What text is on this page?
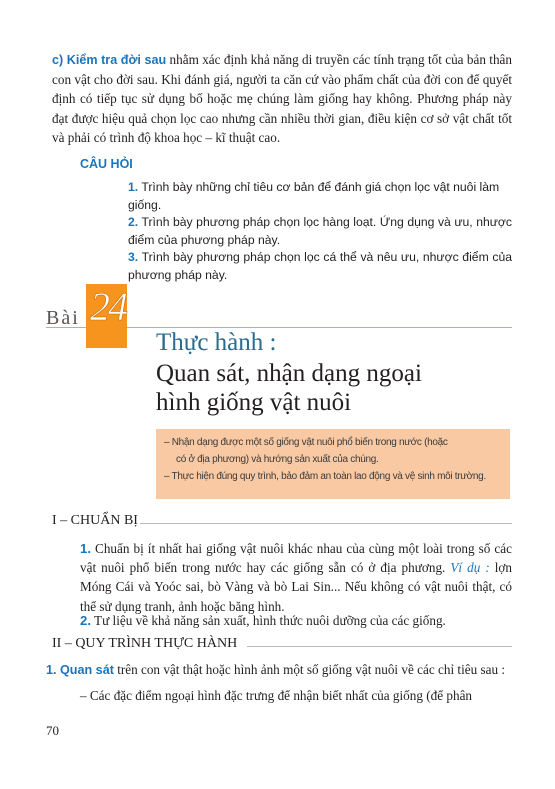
c) Kiểm tra đời sau nhằm xác định khả năng di truyền các tính trạng tốt của bản thân con vật cho đời sau. Khi đánh giá, người ta căn cứ vào phẩm chất của đời con để quyết định có tiếp tục sử dụng bố hoặc mẹ chúng làm giống hay không. Phương pháp này đạt được hiệu quả chọn lọc cao nhưng cần nhiều thời gian, điều kiện cơ sở vật chất tốt và phải có trình độ khoa học – kĩ thuật cao.
CÂU HỎI
1. Trình bày những chỉ tiêu cơ bản để đánh giá chọn lọc vật nuôi làm giống.
2. Trình bày phương pháp chọn lọc hàng loạt. Ứng dụng và ưu, nhược điểm của phương pháp này.
3. Trình bày phương pháp chọn lọc cá thể và nêu ưu, nhược điểm của phương pháp này.
Bài 24
Thực hành :
Quan sát, nhận dạng ngoại
hình giống vật nuôi
– Nhận dạng được một số giống vật nuôi phổ biến trong nước (hoặc
có ở địa phương) và hướng sản xuất của chúng.
– Thực hiện đúng quy trình, bảo đảm an toàn lao động và vệ sinh môi trường.
I – CHUẨN BỊ
1. Chuẩn bị ít nhất hai giống vật nuôi khác nhau của cùng một loài trong số các vật nuôi phổ biến trong nước hay các giống sẵn có ở địa phương. Ví dụ : lợn Móng Cái và Yoóc sai, bò Vàng và bò Lai Sin... Nếu không có vật nuôi thật, có thể sử dụng tranh, ảnh hoặc băng hình.
2. Tư liệu về khả năng sản xuất, hình thức nuôi dưỡng của các giống.
II – QUY TRÌNH THỰC HÀNH
1. Quan sát trên con vật thật hoặc hình ảnh một số giống vật nuôi về các chỉ tiêu sau :
– Các đặc điểm ngoại hình đặc trưng để nhận biết nhất của giống (để phân
70
